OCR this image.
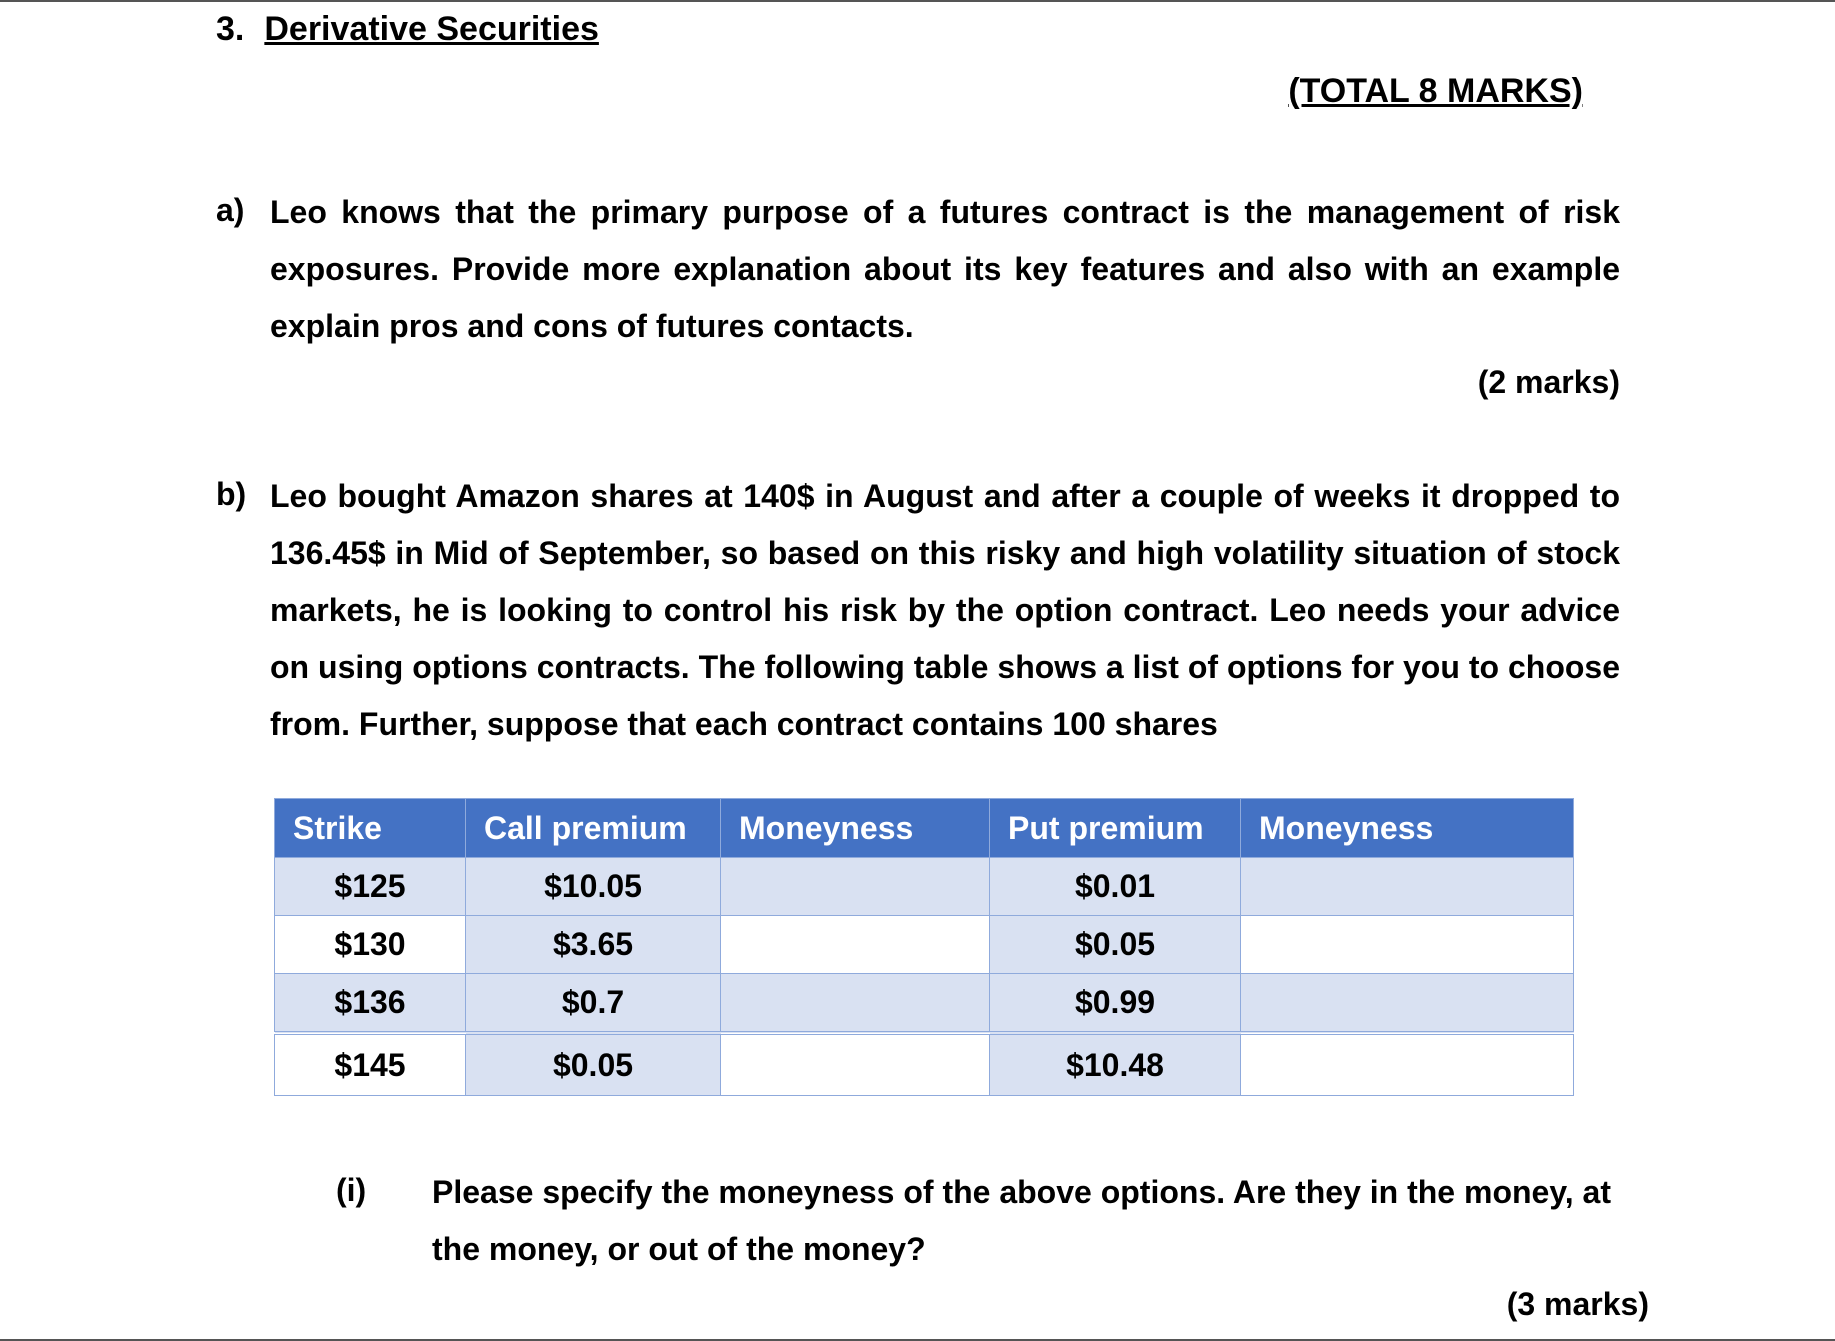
3. Derivative Securities
(TOTAL 8 MARKS)
a) Leo knows that the primary purpose of a futures contract is the management of risk exposures. Provide more explanation about its key features and also with an example explain pros and cons of futures contacts.

(2 marks)
b) Leo bought Amazon shares at 140$ in August and after a couple of weeks it dropped to 136.45$ in Mid of September, so based on this risky and high volatility situation of stock markets, he is looking to control his risk by the option contract. Leo needs your advice on using options contracts. The following table shows a list of options for you to choose from. Further, suppose that each contract contains 100 shares

Strike	Call premium	Moneyness	Put premium	Moneyness
$125	$10.05		$0.01	
$130	$3.65		$0.05	
$136	$0.7		$0.99	
$145	$0.05		$10.48	
(i) Please specify the moneyness of the above options. Are they in the money, at the money, or out of the money?

(3 marks)
